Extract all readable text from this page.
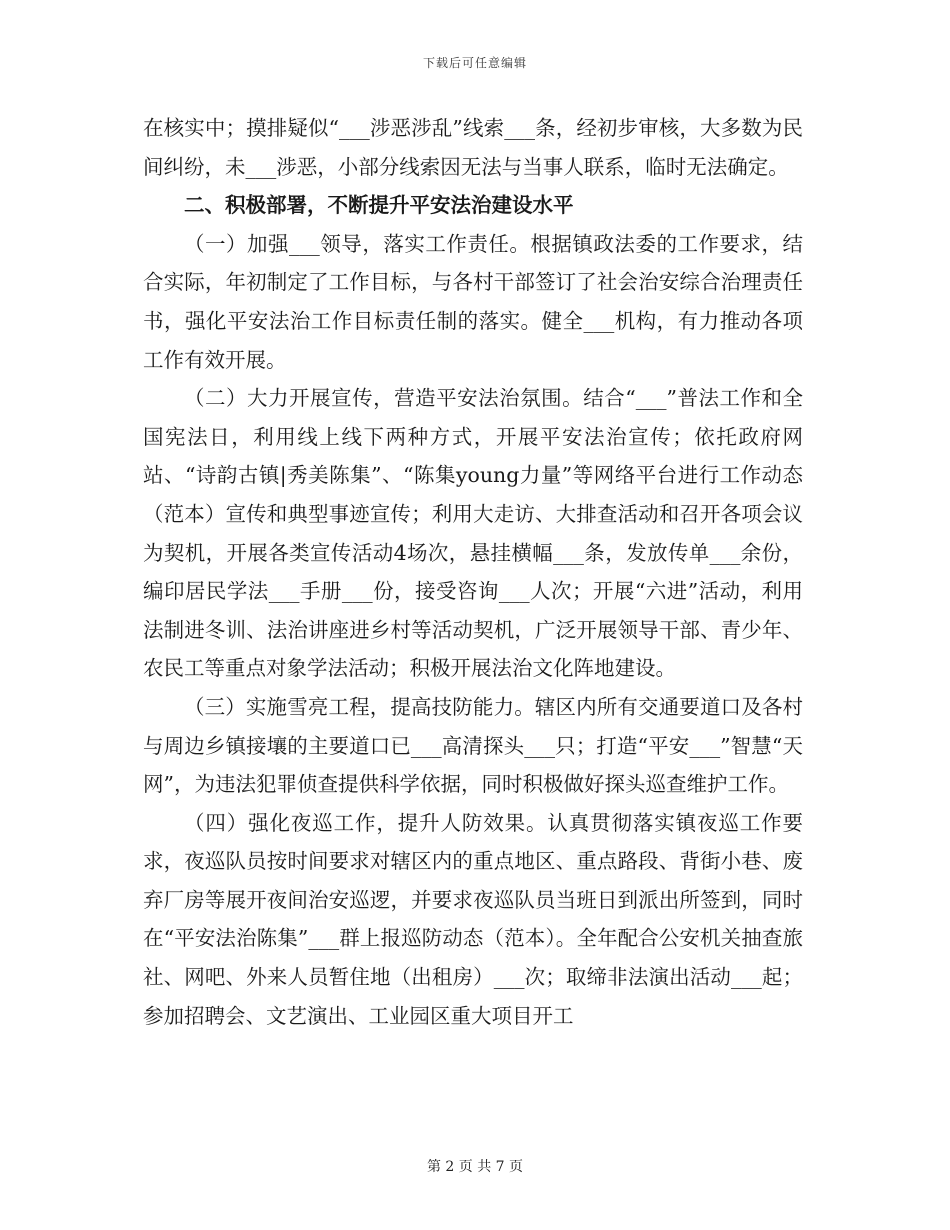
下载后可任意编辑

在核实中；摸排疑似“___涉恶涉乱”线索___条，经初步审核，大多数为民间纠纷，未___涉恶，小部分线索因无法与当事人联系，临时无法确定。

二、积极部署，不断提升平安法治建设水平

（一）加强___领导，落实工作责任。根据镇政法委的工作要求，结合实际，年初制定了工作目标，与各村干部签订了社会治安综合治理责任书，强化平安法治工作目标责任制的落实。健全___机构，有力推动各项工作有效开展。

（二）大力开展宣传，营造平安法治氛围。结合“___”普法工作和全国宪法日，利用线上线下两种方式，开展平安法治宣传；依托政府网站、“诗韵古镇|秀美陈集”、“陈集young力量”等网络平台进行工作动态（范本）宣传和典型事迹宣传；利用大走访、大排查活动和召开各项会议为契机，开展各类宣传活动4场次，悬挂横幅___条，发放传单___余份，编印居民学法___手册___份，接受咨询___人次；开展“六进”活动，利用法制进冬训、法治讲座进乡村等活动契机，广泛开展领导干部、青少年、农民工等重点对象学法活动；积极开展法治文化阵地建设。

（三）实施雪亮工程，提高技防能力。辖区内所有交通要道口及各村与周边乡镇接壤的主要道口已___高清探头___只；打造“平安___”智慧“天网”，为违法犯罪侦查提供科学依据，同时积极做好探头巡查维护工作。

（四）强化夜巡工作，提升人防效果。认真贯彻落实镇夜巡工作要求，夜巡队员按时间要求对辖区内的重点地区、重点路段、背街小巷、废弃厂房等展开夜间治安巡逻，并要求夜巡队员当班日到派出所签到，同时在“平安法治陈集”___群上报巡防动态（范本）。全年配合公安机关抽查旅社、网吧、外来人员暂住地（出租房）___次；取缔非法演出活动___起；参加招聘会、文艺演出、工业园区重大项目开工

第 2 页 共 7 页
